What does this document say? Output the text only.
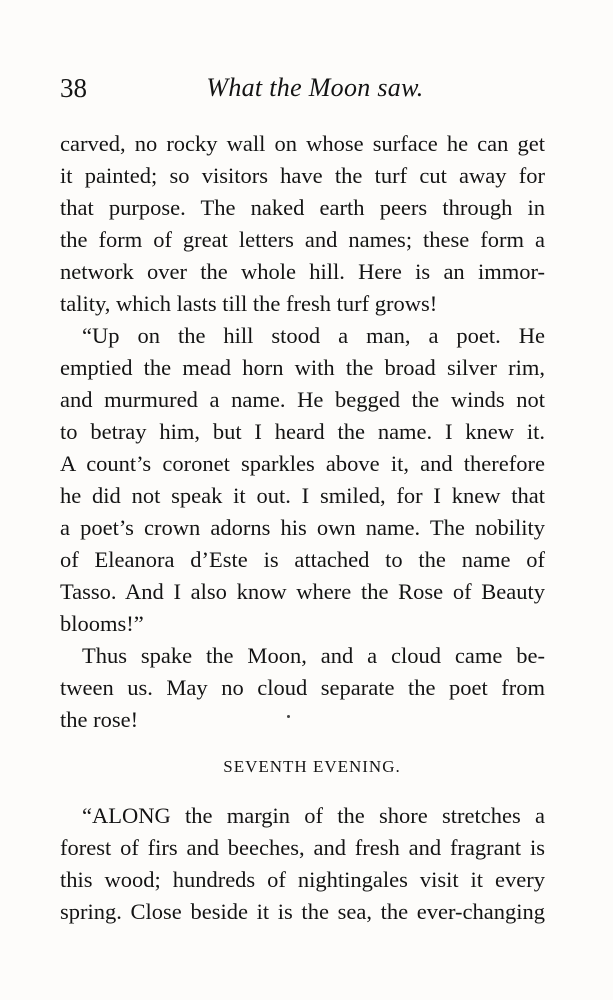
38	What the Moon saw.
carved, no rocky wall on whose surface he can get
it painted; so visitors have the turf cut away for
that purpose. The naked earth peers through in
the form of great letters and names; these form a
network over the whole hill. Here is an immor-
tality, which lasts till the fresh turf grows!
“Up on the hill stood a man, a poet. He
emptied the mead horn with the broad silver rim,
and murmured a name. He begged the winds not
to betray him, but I heard the name. I knew it.
A count’s coronet sparkles above it, and therefore
he did not speak it out. I smiled, for I knew that
a poet’s crown adorns his own name. The nobility
of Eleanora d’Este is attached to the name of
Tasso. And I also know where the Rose of Beauty
blooms!”
Thus spake the Moon, and a cloud came be-
tween us. May no cloud separate the poet from
the rose!
SEVENTH EVENING.
“ALONG the margin of the shore stretches a
forest of firs and beeches, and fresh and fragrant is
this wood; hundreds of nightingales visit it every
spring. Close beside it is the sea, the ever-changing
